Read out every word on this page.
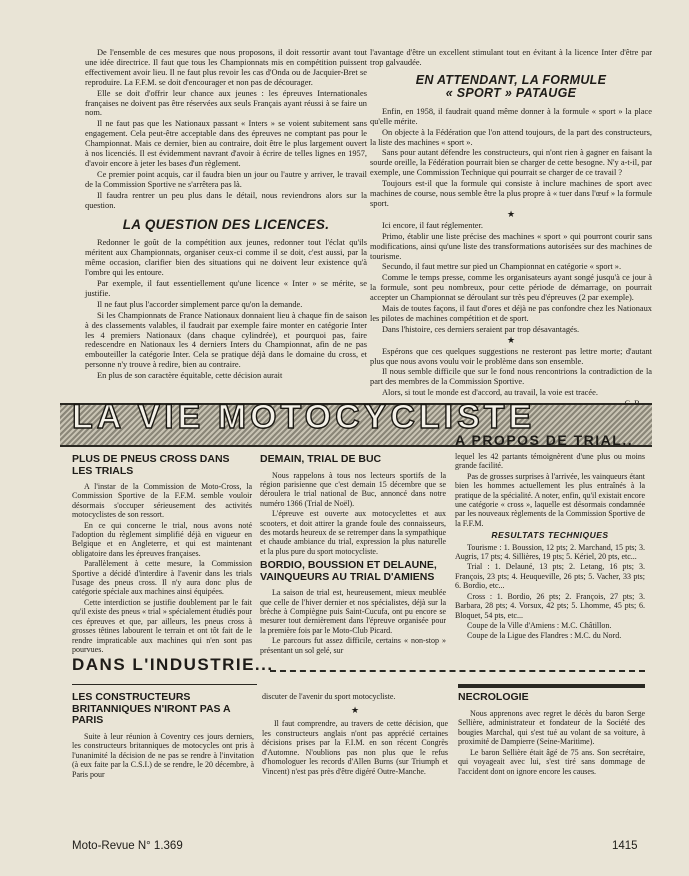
De l'ensemble de ces mesures que nous proposons, il doit ressortir avant tout une idée directrice. Il faut que tous les Championnats mis en compétition puissent effectivement avoir lieu. Il ne faut plus revoir les cas d'Onda ou de Jacquier-Bret se reproduire. La F.F.M. se doit d'encourager et non pas de décourager.

Elle se doit d'offrir leur chance aux jeunes : les épreuves Internationales françaises ne doivent pas être réservées aux seuls Français ayant réussi à se faire un nom.

Il ne faut pas que les Nationaux passant « Inters » se voient subitement sans engagement. Cela peut-être acceptable dans des épreuves ne comptant pas pour le Championnat. Mais ce dernier, bien au contraire, doit être le plus largement ouvert à nos licenciés. Il est évidemment navrant d'avoir à écrire de telles lignes en 1957, d'avoir encore à jeter les bases d'un règlement.

Ce premier point acquis, car il faudra bien un jour ou l'autre y arriver, le travail de la Commission Sportive ne s'arrêtera pas là.

Il faudra rentrer un peu plus dans le détail, nous reviendrons alors sur la question.

LA QUESTION DES LICENCES.

Redonner le goût de la compétition aux jeunes, redonner tout l'éclat qu'ils méritent aux Championnats, organiser ceux-ci comme il se doit, c'est aussi, par la même occasion, clarifier bien des situations qui ne doivent leur existence qu'à l'ombre qui les entoure.

Par exemple, il faut essentiellement qu'une licence « Inter » se mérite, se justifie.

Il ne faut plus l'accorder simplement parce qu'on la demande.

Si les Championnats de France Nationaux donnaient lieu à chaque fin de saison à des classements valables, il faudrait par exemple faire monter en catégorie Inter les 4 premiers Nationaux (dans chaque cylindrée), et pourquoi pas, faire redescendre en Nationaux les 4 derniers Inters du Championnat, afin de ne pas embouteiller la catégorie Inter. Cela se pratique déjà dans le domaine du cross, et personne n'y trouve à redire, bien au contraire.

En plus de son caractère équitable, cette décision aurait

l'avantage d'être un excellent stimulant tout en évitant à la licence Inter d'être par trop galvaudée.

EN ATTENDANT, LA FORMULE
« SPORT » PATAUGE

Enfin, en 1958, il faudrait quand même donner à la formule « sport » la place qu'elle mérite.

On objecte à la Fédération que l'on attend toujours, de la part des constructeurs, la liste des machines « sport ».

Sans pour autant défendre les constructeurs, qui n'ont rien à gagner en faisant la sourde oreille, la Fédération pourrait bien se charger de cette besogne. N'y a-t-il, par exemple, une Commission Technique qui pourrait se charger de ce travail ?

Toujours est-il que la formule qui consiste à inclure machines de sport avec machines de course, nous semble être la plus propre à « tuer dans l'œuf » la formule sport.

★

Ici encore, il faut réglementer.

Primo, établir une liste précise des machines « sport » qui pourront courir sans modifications, ainsi qu'une liste des transformations autorisées sur des machines de tourisme.

Secundo, il faut mettre sur pied un Championnat en catégorie « sport ».

Comme le temps presse, comme les organisateurs ayant songé jusqu'à ce jour à la formule, sont peu nombreux, pour cette période de démarrage, on pourrait accepter un Championnat se déroulant sur très peu d'épreuves (2 par exemple).

Mais de toutes façons, il faut d'ores et déjà ne pas confondre chez les Nationaux les pilotes de machines compétition et de sport.

Dans l'histoire, ces derniers seraient par trop désavantagés.

★

Espérons que ces quelques suggestions ne resteront pas lettre morte; d'autant plus que nous avons voulu voir le problème dans son ensemble.

Il nous semble difficile que sur le fond nous rencontrions la contradiction de la part des membres de la Commission Sportive.

Alors, si tout le monde est d'accord, au travail, la voie est tracée.

LA VIE MOTOCYCLISTE
A PROPOS DE TRIAL..
PLUS DE PNEUS CROSS DANS LES TRIALS

A l'instar de la Commission de Moto-Cross, la Commission Sportive de la F.F.M. semble vouloir désormais s'occuper sérieusement des activités motocyclistes de son ressort.

En ce qui concerne le trial, nous avons noté l'adoption du règlement simplifié déjà en vigueur en Belgique et en Angleterre, et qui est maintenant obligatoire dans les épreuves françaises.

Parallèlement à cette mesure, la Commission Sportive a décidé d'interdire à l'avenir dans les trials l'usage des pneus cross. Il n'y aura donc plus de catégorie spéciale aux machines ainsi équipées.

Cette interdiction se justifie doublement par le fait qu'il existe des pneus « trial » spécialement étudiés pour ces épreuves et que, par ailleurs, les pneus cross à grosses têtines labourent le terrain et ont tôt fait de le rendre impraticable aux machines qui n'en sont pas pourvues.

DEMAIN, TRIAL DE BUC

Nous rappelons à tous nos lecteurs sportifs de la région parisienne que c'est demain 15 décembre que se déroulera le trial national de Buc, annoncé dans notre numéro 1366 (Trial de Noël).

L'épreuve est ouverte aux motocyclettes et aux scooters, et doit attirer la grande foule des connaisseurs, des motards heureux de se retremper dans la sympathique et chaude ambiance du trial, expression la plus naturelle et la plus pure du sport motocycliste.

BORDIO, BOUSSION ET DELAUNE, VAINQUEURS AU TRIAL D'AMIENS

La saison de trial est, heureusement, mieux meublée que celle de l'hiver dernier et nos spécialistes, déjà sur la brèche à Compiègne puis Saint-Cucufa, ont pu encore se mesurer tout dernièrement dans l'épreuve organisée pour la première fois par le Moto-Club Picard.

Le parcours fut assez difficile, certains « non-stop » présentant un sol gelé, sur

lequel les 42 partants témoignèrent d'une plus ou moins grande facilité.

Pas de grosses surprises à l'arrivée, les vainqueurs étant bien les hommes actuellement les plus entraînés à la pratique de la spécialité. A noter, enfin, qu'il existait encore une catégorie « cross », laquelle est désormais condamnée par les nouveaux règlements de la Commission Sportive de la F.F.M.

RESULTATS TECHNIQUES

Tourisme : 1. Boussion, 12 pts; 2. Marchand, 15 pts; 3. Augris, 17 pts; 4. Sillières, 19 pts; 5. Kériel, 20 pts, etc...

Trial : 1. Delauné, 13 pts; 2. Letang, 16 pts; 3. François, 23 pts; 4. Heuqueville, 26 pts; 5. Vacher, 33 pts; 6. Bordio, etc...

Cross : 1. Bordio, 26 pts; 2. François, 27 pts; 3. Barbara, 28 pts; 4. Vorsux, 42 pts; 5. Lhomme, 45 pts; 6. Bloquet, 54 pts, etc...

Coupe de la Ville d'Amiens : M.C. Châtillon.

Coupe de la Ligue des Flandres : M.C. du Nord.

DANS L'INDUSTRIE...
LES CONSTRUCTEURS BRITANNIQUES N'IRONT PAS A PARIS

Suite à leur réunion à Coventry ces jours derniers, les constructeurs britanniques de motocycles ont pris à l'unanimité la décision de ne pas se rendre à l'invitation (à eux faite par la C.S.I.) de se rendre, le 20 décembre, à Paris pour

discuter de l'avenir du sport motocycliste.

★

Il faut comprendre, au travers de cette décision, que les constructeurs anglais n'ont pas apprécié certaines décisions prises par la F.I.M. en son récent Congrès d'Automne. N'oublions pas non plus que le refus d'homologuer les records d'Allen Burns (sur Triumph et Vincent) n'est pas près d'être digéré Outre-Manche.

NECROLOGIE

Nous apprenons avec regret le décès du baron Serge Sellière, administrateur et fondateur de la Société des bougies Marchal, qui s'est tué au volant de sa voiture, à proximité de Dampierre (Seine-Maritime).

Le baron Sellière était âgé de 75 ans. Son secrétaire, qui voyageait avec lui, s'est tiré sans dommage de l'accident dont on ignore encore les causes.

Moto-Revue N° 1.369	1415
